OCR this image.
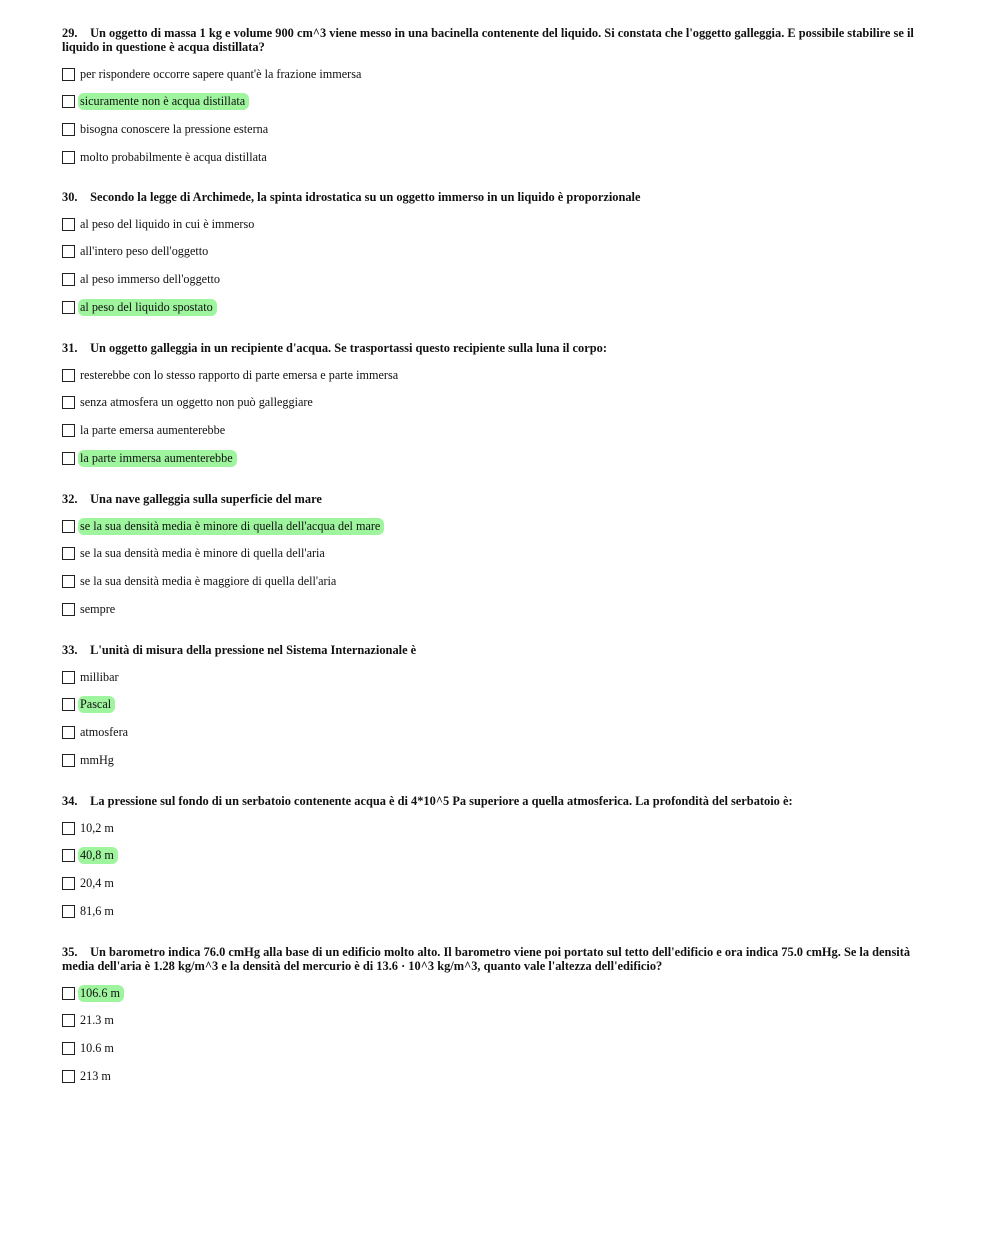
29. Un oggetto di massa 1 kg e volume 900 cm^3 viene messo in una bacinella contenente del liquido. Si constata che l'oggetto galleggia. E possibile stabilire se il liquido in questione è acqua distillata?
per rispondere occorre sapere quant'è la frazione immersa
sicuramente non è acqua distillata
bisogna conoscere la pressione esterna
molto probabilmente è acqua distillata
30. Secondo la legge di Archimede, la spinta idrostatica su un oggetto immerso in un liquido è proporzionale
al peso del liquido in cui è immerso
all'intero peso dell'oggetto
al peso immerso dell'oggetto
al peso del liquido spostato
31. Un oggetto galleggia in un recipiente d'acqua. Se trasportassi questo recipiente sulla luna il corpo:
resterebbe con lo stesso rapporto di parte emersa e parte immersa
senza atmosfera un oggetto non può galleggiare
la parte emersa aumenterebbe
la parte immersa aumenterebbe
32. Una nave galleggia sulla superficie del mare
se la sua densità media è minore di quella dell'acqua del mare
se la sua densità media è minore di quella dell'aria
se la sua densità media è maggiore di quella dell'aria
sempre
33. L'unità di misura della pressione nel Sistema Internazionale è
millibar
Pascal
atmosfera
mmHg
34. La pressione sul fondo di un serbatoio contenente acqua è di 4*10^5 Pa superiore a quella atmosferica. La profondità del serbatoio è:
10,2 m
40,8 m
20,4 m
81,6 m
35. Un barometro indica 76.0 cmHg alla base di un edificio molto alto. Il barometro viene poi portato sul tetto dell'edificio e ora indica 75.0 cmHg. Se la densità media dell'aria è 1.28 kg/m^3 e la densità del mercurio è di 13.6 · 10^3 kg/m^3, quanto vale l'altezza dell'edificio?
106.6 m
21.3 m
10.6 m
213 m
